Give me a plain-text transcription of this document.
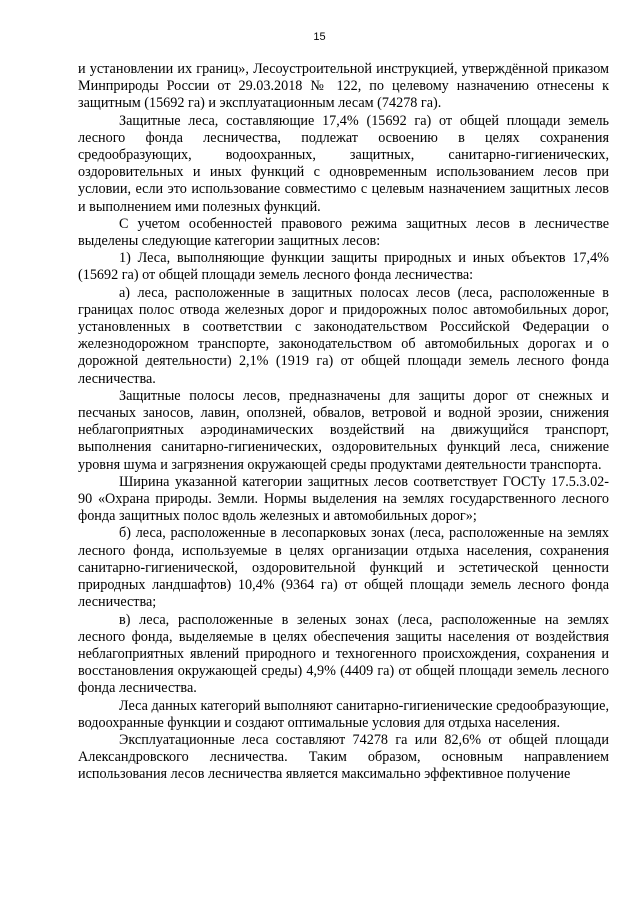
15

и установлении их границ», Лесоустроительной инструкцией, утверждённой приказом Минприроды России от 29.03.2018 № 122, по целевому назначению отнесены к защитным (15692 га) и эксплуатационным лесам (74278 га).

Защитные леса, составляющие 17,4% (15692 га) от общей площади земель лесного фонда лесничества, подлежат освоению в целях сохранения средообразующих, водоохранных, защитных, санитарно-гигиенических, оздоровительных и иных функций с одновременным использованием лесов при условии, если это использование совместимо с целевым назначением защитных лесов и выполнением ими полезных функций.

С учетом особенностей правового режима защитных лесов в лесничестве выделены следующие категории защитных лесов:

1) Леса, выполняющие функции защиты природных и иных объектов 17,4% (15692 га) от общей площади земель лесного фонда лесничества:

а) леса, расположенные в защитных полосах лесов (леса, расположенные в границах полос отвода железных дорог и придорожных полос автомобильных дорог, установленных в соответствии с законодательством Российской Федерации о железнодорожном транспорте, законодательством об автомобильных дорогах и о дорожной деятельности) 2,1% (1919 га) от общей площади земель лесного фонда лесничества.

Защитные полосы лесов, предназначены для защиты дорог от снежных и песчаных заносов, лавин, оползней, обвалов, ветровой и водной эрозии, снижения неблагоприятных аэродинамических воздействий на движущийся транспорт, выполнения санитарно-гигиенических, оздоровительных функций леса, снижение уровня шума и загрязнения окружающей среды продуктами деятельности транспорта.

Ширина указанной категории защитных лесов соответствует ГОСТу 17.5.3.02-90 «Охрана природы. Земли. Нормы выделения на землях государственного лесного фонда защитных полос вдоль железных и автомобильных дорог»;

б) леса, расположенные в лесопарковых зонах (леса, расположенные на землях лесного фонда, используемые в целях организации отдыха населения, сохранения санитарно-гигиенической, оздоровительной функций и эстетической ценности природных ландшафтов) 10,4% (9364 га) от общей площади земель лесного фонда лесничества;

в) леса, расположенные в зеленых зонах (леса, расположенные на землях лесного фонда, выделяемые в целях обеспечения защиты населения от воздействия неблагоприятных явлений природного и техногенного происхождения, сохранения и восстановления окружающей среды) 4,9% (4409 га) от общей площади земель лесного фонда лесничества.

Леса данных категорий выполняют санитарно-гигиенические средообразующие, водоохранные функции и создают оптимальные условия для отдыха населения.

Эксплуатационные леса составляют 74278 га или 82,6% от общей площади Александровского лесничества. Таким образом, основным направлением использования лесов лесничества является максимально эффективное получение
